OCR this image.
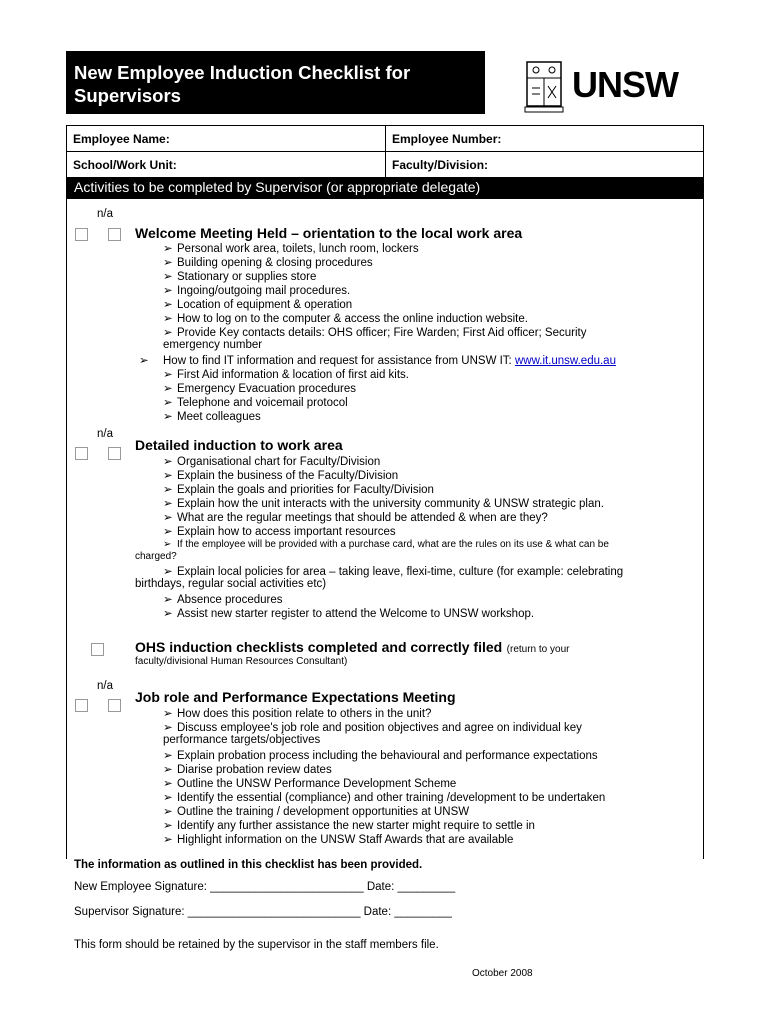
New Employee Induction Checklist for
Supervisors	UNSW
Employee Name:	Employee Number:
School/Work Unit:	Faculty/Division:
Activities to be completed by Supervisor (or appropriate delegate)
n/a
Welcome Meeting Held – orientation to the local work area
➢ Personal work area, toilets, lunch room, lockers
➢ Building opening & closing procedures
➢ Stationary or supplies store
➢ Ingoing/outgoing mail procedures.
➢ Location of equipment & operation
➢ How to log on to the computer & access the online induction website.
➢ Provide Key contacts details: OHS officer; Fire Warden; First Aid officer; Security
emergency number
➢ How to find IT information and request for assistance from UNSW IT: www.it.unsw.edu.au
➢ First Aid information & location of first aid kits.
➢ Emergency Evacuation procedures
➢ Telephone and voicemail protocol
➢ Meet colleagues
n/a
Detailed induction to work area
➢ Organisational chart for Faculty/Division
➢ Explain the business of the Faculty/Division
➢ Explain the goals and priorities for Faculty/Division
➢ Explain how the unit interacts with the university community & UNSW strategic plan.
➢ What are the regular meetings that should be attended & when are they?
➢ Explain how to access important resources
➢ If the employee will be provided with a purchase card, what are the rules on its use & what can be
charged?
➢ Explain local policies for area – taking leave, flexi-time, culture (for example: celebrating
birthdays, regular social activities etc)
➢ Absence procedures
➢ Assist new starter register to attend the Welcome to UNSW workshop.
OHS induction checklists completed and correctly filed (return to your
faculty/divisional Human Resources Consultant)
n/a
Job role and Performance Expectations Meeting
➢ How does this position relate to others in the unit?
➢ Discuss employee's job role and position objectives and agree on individual key
performance targets/objectives
➢ Explain probation process including the behavioural and performance expectations
➢ Diarise probation review dates
➢ Outline the UNSW Performance Development Scheme
➢ Identify the essential (compliance) and other training /development to be undertaken
➢ Outline the training / development opportunities at UNSW
➢ Identify any further assistance the new starter might require to settle in
➢ Highlight information on the UNSW Staff Awards that are available
The information as outlined in this checklist has been provided.
New Employee Signature: ________________________ Date: _________
Supervisor Signature: ___________________________ Date: _________
This form should be retained by the supervisor in the staff members file.
October 2008
